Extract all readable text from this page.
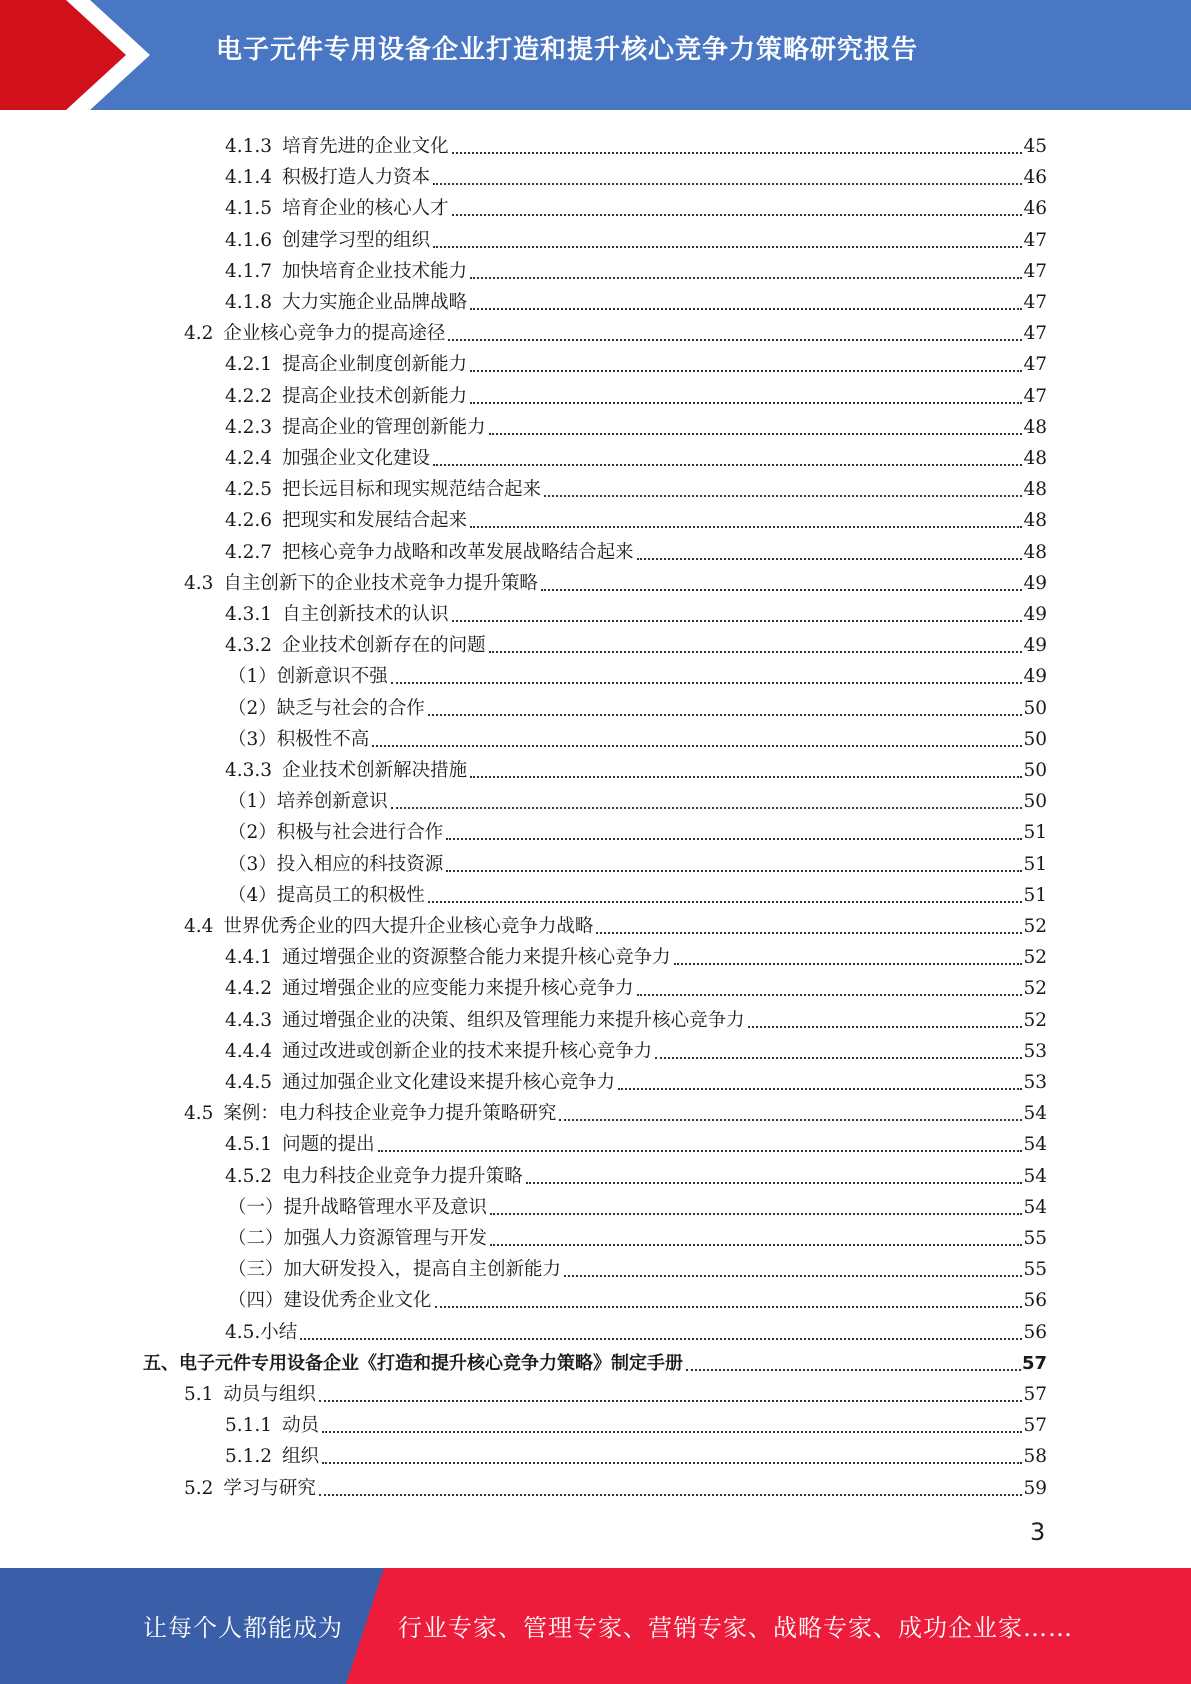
电子元件专用设备企业打造和提升核心竞争力策略研究报告
4.1.3 培育先进的企业文化	45
4.1.4 积极打造人力资本	46
4.1.5 培育企业的核心人才	46
4.1.6 创建学习型的组织	47
4.1.7 加快培育企业技术能力	47
4.1.8 大力实施企业品牌战略	47
4.2 企业核心竞争力的提高途径	47
4.2.1 提高企业制度创新能力	47
4.2.2 提高企业技术创新能力	47
4.2.3 提高企业的管理创新能力	48
4.2.4 加强企业文化建设	48
4.2.5 把长远目标和现实规范结合起来	48
4.2.6 把现实和发展结合起来	48
4.2.7 把核心竞争力战略和改革发展战略结合起来	48
4.3 自主创新下的企业技术竞争力提升策略	49
4.3.1 自主创新技术的认识	49
4.3.2 企业技术创新存在的问题	49
（1）创新意识不强	49
（2）缺乏与社会的合作	50
（3）积极性不高	50
4.3.3 企业技术创新解决措施	50
（1）培养创新意识	50
（2）积极与社会进行合作	51
（3）投入相应的科技资源	51
（4）提高员工的积极性	51
4.4 世界优秀企业的四大提升企业核心竞争力战略	52
4.4.1 通过增强企业的资源整合能力来提升核心竞争力	52
4.4.2 通过增强企业的应变能力来提升核心竞争力	52
4.4.3 通过增强企业的决策、组织及管理能力来提升核心竞争力	52
4.4.4 通过改进或创新企业的技术来提升核心竞争力	53
4.4.5 通过加强企业文化建设来提升核心竞争力	53
4.5 案例：电力科技企业竞争力提升策略研究	54
4.5.1 问题的提出	54
4.5.2 电力科技企业竞争力提升策略	54
（一）提升战略管理水平及意识	54
（二）加强人力资源管理与开发	55
（三）加大研发投入，提高自主创新能力	55
（四）建设优秀企业文化	56
4.5.小结	56
五、电子元件专用设备企业《打造和提升核心竞争力策略》制定手册	57
5.1 动员与组织	57
5.1.1 动员	57
5.1.2 组织	58
5.2 学习与研究	59
3
让每个人都能成为 行业专家、管理专家、营销专家、战略专家、成功企业家……
